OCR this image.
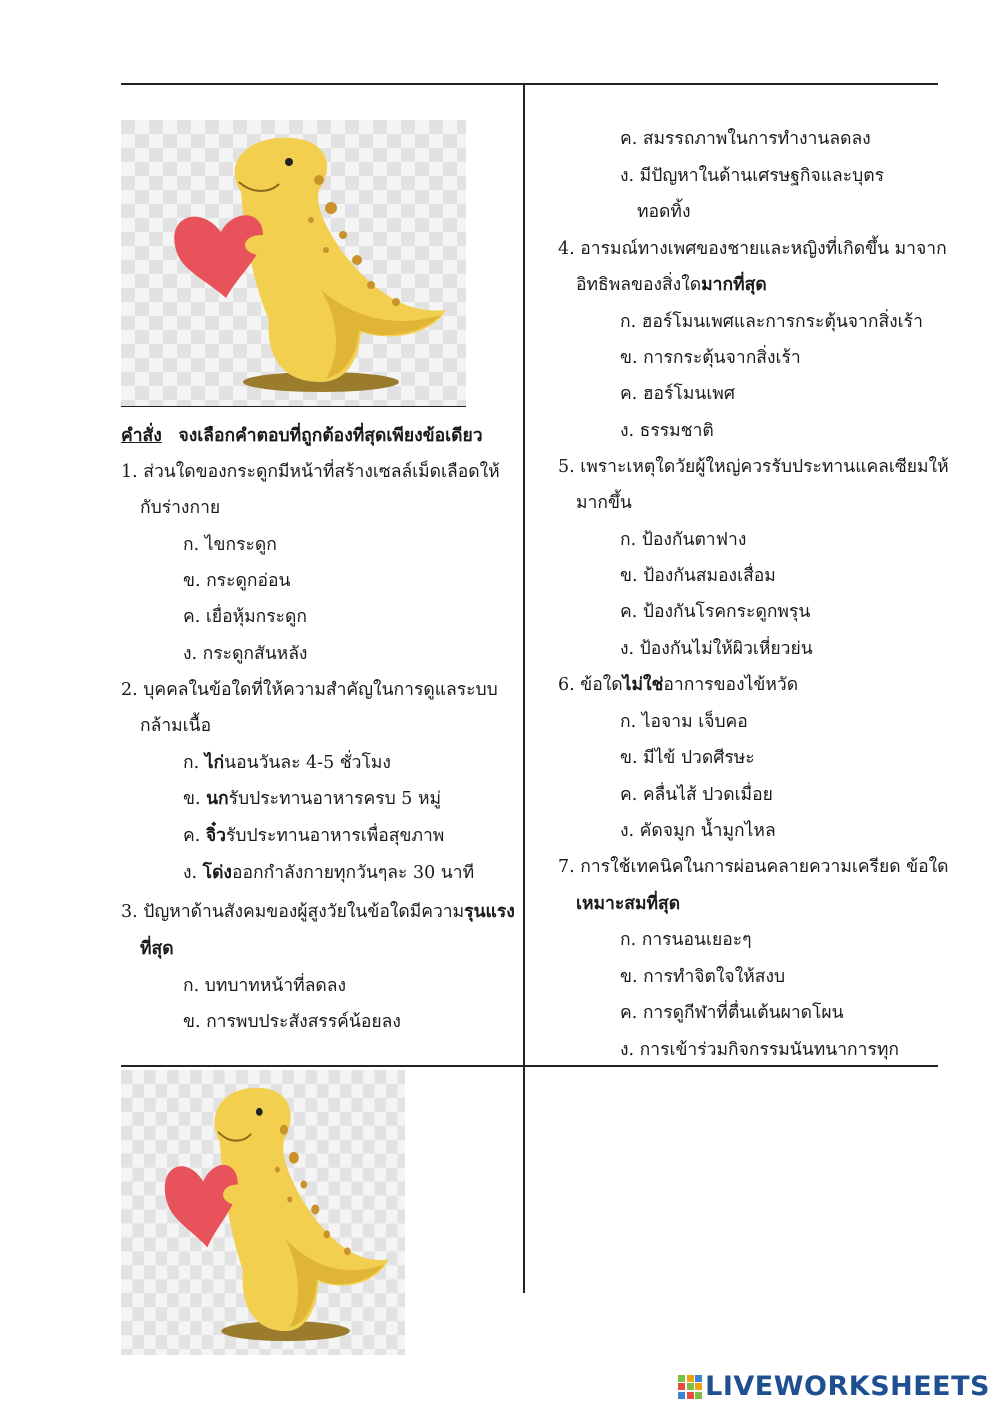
คำสั่ง จงเลือกคำตอบที่ถูกต้องที่สุดเพียงข้อเดียว
1. ส่วนใดของกระดูกมีหน้าที่สร้างเซลล์เม็ดเลือดให้
กับร่างกาย
ก. ไขกระดูก
ข. กระดูกอ่อน
ค. เยื่อหุ้มกระดูก
ง. กระดูกสันหลัง
2. บุคคลในข้อใดที่ให้ความสำคัญในการดูแลระบบ
กล้ามเนื้อ
ก. ไก่นอนวันละ 4-5 ชั่วโมง
ข. นกรับประทานอาหารครบ 5 หมู่
ค. จิ๋วรับประทานอาหารเพื่อสุขภาพ
ง. โด่งออกกำลังกายทุกวันๆละ 30 นาที
3. ปัญหาด้านสังคมของผู้สูงวัยในข้อใดมีความรุนแรง
ที่สุด
ก. บทบาทหน้าที่ลดลง
ข. การพบประสังสรรค์น้อยลง
ค. สมรรถภาพในการทำงานลดลง
ง. มีปัญหาในด้านเศรษฐกิจและบุตร
ทอดทิ้ง
4. อารมณ์ทางเพศของชายและหญิงที่เกิดขึ้น มาจาก
อิทธิพลของสิ่งใดมากที่สุด
ก. ฮอร์โมนเพศและการกระตุ้นจากสิ่งเร้า
ข. การกระตุ้นจากสิ่งเร้า
ค. ฮอร์โมนเพศ
ง. ธรรมชาติ
5. เพราะเหตุใดวัยผู้ใหญ่ควรรับประทานแคลเซียมให้
มากขึ้น
ก. ป้องกันตาฟาง
ข. ป้องกันสมองเสื่อม
ค. ป้องกันโรคกระดูกพรุน
ง. ป้องกันไม่ให้ผิวเหี่ยวย่น
6. ข้อใดไม่ใช่อาการของไข้หวัด
ก. ไอจาม เจ็บคอ
ข. มีไข้ ปวดศีรษะ
ค. คลื่นไส้ ปวดเมื่อย
ง. คัดจมูก น้ำมูกไหล
7. การใช้เทคนิคในการผ่อนคลายความเครียด ข้อใด
เหมาะสมที่สุด
ก. การนอนเยอะๆ
ข. การทำจิตใจให้สงบ
ค. การดูกีฬาที่ตื่นเต้นผาดโผน
ง. การเข้าร่วมกิจกรรมนันทนาการทุก
LIVEWORKSHEETS
